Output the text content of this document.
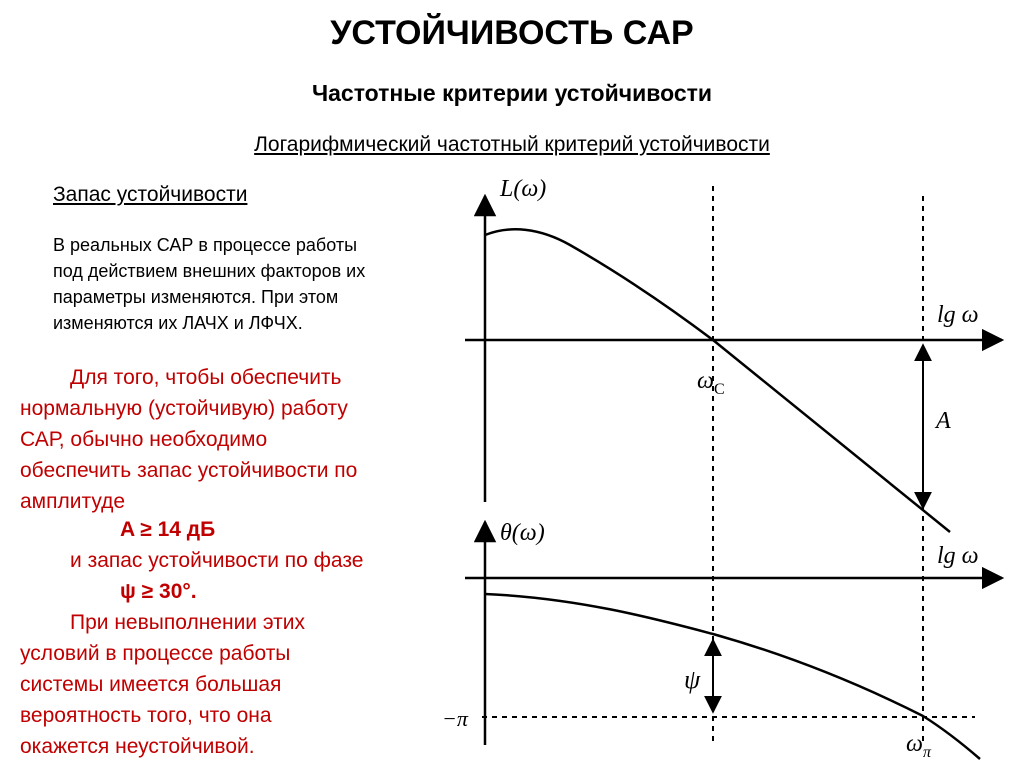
УСТОЙЧИВОСТЬ САР
Частотные критерии устойчивости
Логарифмический частотный критерий устойчивости
Запас устойчивости
В реальных САР в процессе работы
под действием внешних факторов их
параметры изменяются. При этом
изменяются их ЛАЧХ и ЛФЧХ.
Для того, чтобы обеспечить
нормальную (устойчивую) работу
САР, обычно необходимо
обеспечить запас устойчивости по
амплитуде
A ≥ 14 дБ
и запас устойчивости по фазе
ψ ≥ 30°.
При невыполнении этих
условий в процессе работы
системы имеется большая
вероятность того, что она
окажется неустойчивой.
L(ω)
lg ω
$\omega_C$
A
θ(ω)
lg ω
ψ
−π
$\omega_\pi$
